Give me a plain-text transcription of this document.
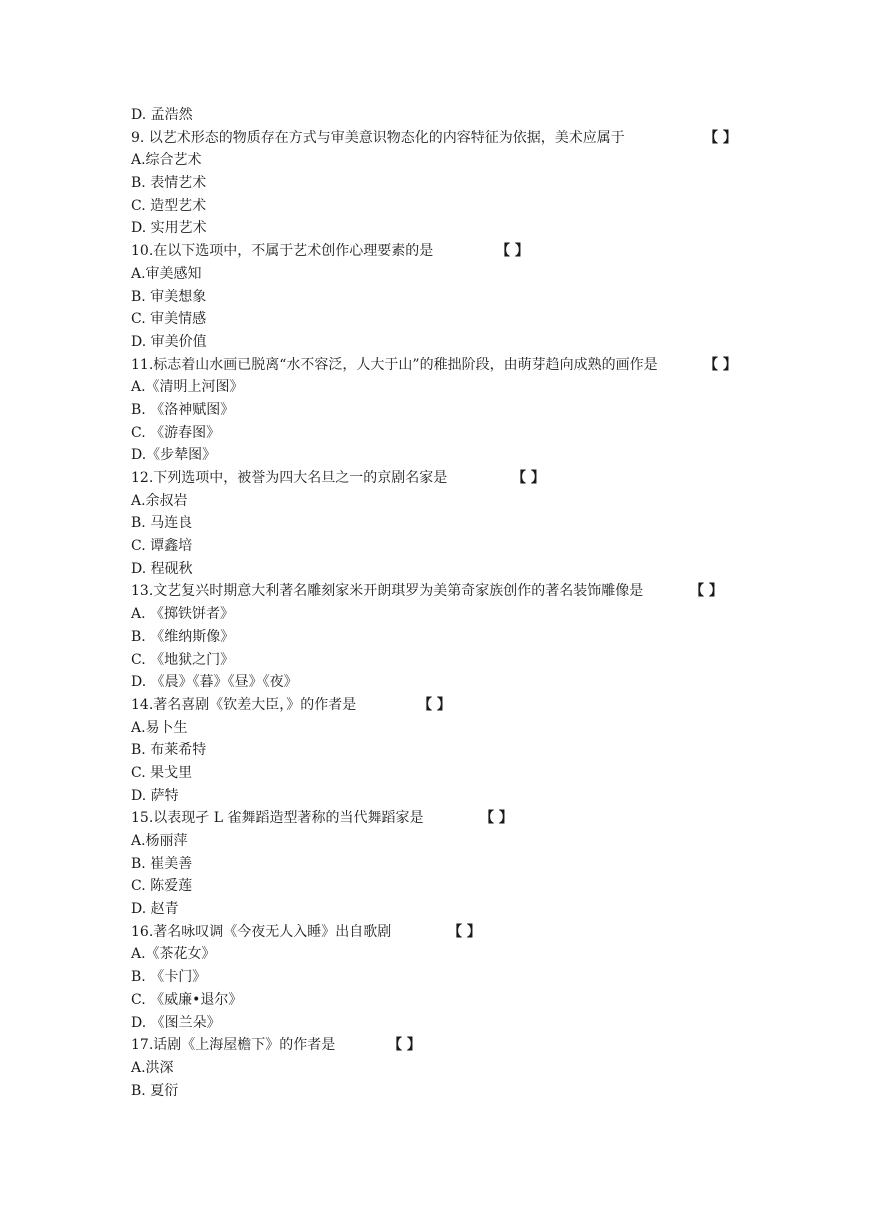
D. 孟浩然
9. 以艺术形态的物质存在方式与审美意识物态化的内容特征为依据，美术应属于	【 】
A.综合艺术
B. 表情艺术
C. 造型艺术
D. 实用艺术
10.在以下选项中，不属于艺术创作心理要素的是	【 】
A.审美感知
B. 审美想象
C. 审美情感
D. 审美价值
11.标志着山水画已脱离“水不容泛，人大于山”的稚拙阶段，由萌芽趋向成熟的画作是	【 】
A.《清明上河图》
B. 《洛神赋图》
C. 《游春图》
D.《步辇图》
12.下列选项中，被誉为四大名旦之一的京剧名家是	【 】
A.余叔岩
B. 马连良
C. 谭鑫培
D. 程砚秋
13.文艺复兴时期意大利著名雕刻家米开朗琪罗为美第奇家族创作的著名装饰雕像是	【 】
A. 《掷铁饼者》
B. 《维纳斯像》
C. 《地狱之门》
D. 《晨》《暮》《昼》《夜》
14.著名喜剧《钦差大臣，》的作者是	【 】
A.易卜生
B. 布莱希特
C. 果戈里
D. 萨特
15.以表现孑 L 雀舞蹈造型著称的当代舞蹈家是	【 】
A.杨丽萍
B. 崔美善
C. 陈爱莲
D. 赵青
16.著名咏叹调《今夜无人入睡》出自歌剧	【 】
A.《茶花女》
B. 《卡门》
C. 《威廉•退尔》
D. 《图兰朵》
17.话剧《上海屋檐下》的作者是	【 】
A.洪深
B. 夏衍
